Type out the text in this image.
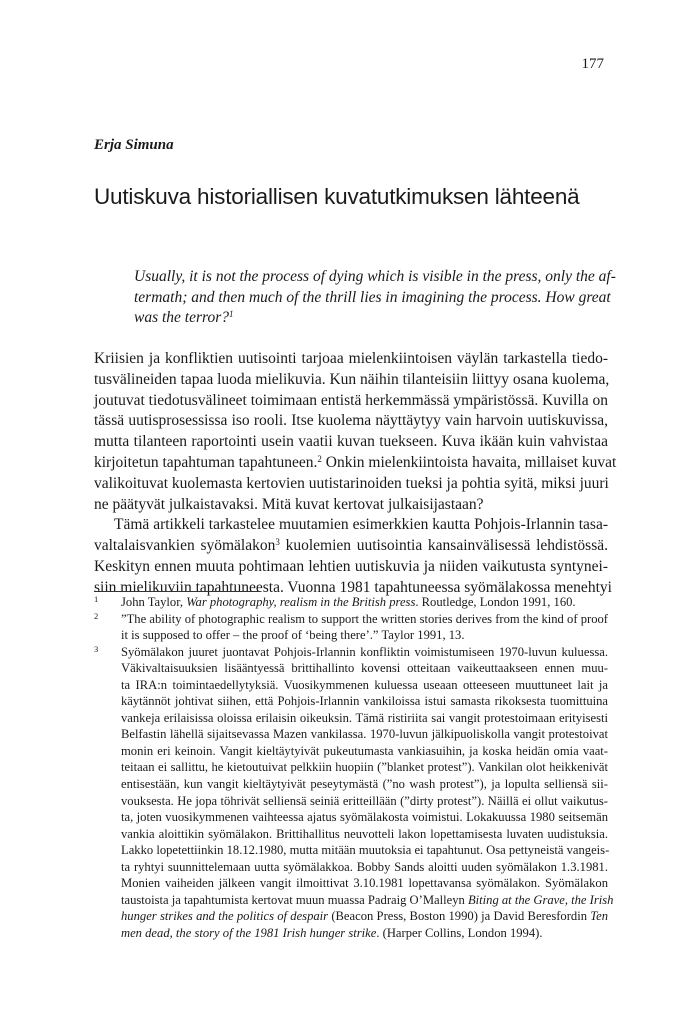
177
Erja Simuna
Uutiskuva historiallisen kuvatutkimuksen lähteenä
Usually, it is not the process of dying which is visible in the press, only the af-
termath; and then much of the thrill lies in imagining the process. How great
was the terror?$^1$
Kriisien ja konfliktien uutisointi tarjoaa mielenkiintoisen väylän tarkastella tiedo-
tusvälineiden tapaa luoda mielikuvia. Kun näihin tilanteisiin liittyy osana kuolema,
joutuvat tiedotusvälineet toimimaan entistä herkemmässä ympäristössä. Kuvilla on
tässä uutisprosessissa iso rooli. Itse kuolema näyttäytyy vain harvoin uutiskuvissa,
mutta tilanteen raportointi usein vaatii kuvan tuekseen. Kuva ikään kuin vahvistaa
kirjoitetun tapahtuman tapahtuneen.$^2$ Onkin mielenkiintoista havaita, millaiset kuvat
valikoituvat kuolemasta kertovien uutistarinoiden tueksi ja pohtia syitä, miksi juuri
ne päätyvät julkaistavaksi. Mitä kuvat kertovat julkaisijastaan?
Tämä artikkeli tarkastelee muutamien esimerkkien kautta Pohjois-Irlannin tasa-
valtalaisvankien syömälakon$^3$ kuolemien uutisointia kansainvälisessä lehdistössä.
Keskityn ennen muuta pohtimaan lehtien uutiskuvia ja niiden vaikutusta syntynei-
siin mielikuviin tapahtuneesta. Vuonna 1981 tapahtuneessa syömälakossa menehtyi
1 John Taylor, War photography, realism in the British press. Routledge, London 1991, 160.
2 ”The ability of photographic realism to support the written stories derives from the kind of proof
it is supposed to offer – the proof of ‘being there’.” Taylor 1991, 13.
3 Syömälakon juuret juontavat Pohjois-Irlannin konfliktin voimistumiseen 1970-luvun kuluessa.
Väkivaltaisuuksien lisääntyessä brittihallinto kovensi otteitaan vaikeuttaakseen ennen muu-
ta IRA:n toimintaedellytyksiä. Vuosikymmenen kuluessa useaan otteeseen muuttuneet lait ja
käytännöt johtivat siihen, että Pohjois-Irlannin vankiloissa istui samasta rikoksesta tuomittuina
vankeja erilaisissa oloissa erilaisin oikeuksin. Tämä ristiriita sai vangit protestoimaan erityisesti
Belfastin lähellä sijaitsevassa Mazen vankilassa. 1970-luvun jälkipuoliskolla vangit protestoivat
monin eri keinoin. Vangit kieltäytyivät pukeutumasta vankiasuihin, ja koska heidän omia vaat-
teitaan ei sallittu, he kietoutuivat pelkkiin huopiin (”blanket protest”). Vankilan olot heikkenivät
entisestään, kun vangit kieltäytyivät peseytymästä (”no wash protest”), ja lopulta selliensä sii-
vouksesta. He jopa töhrivät selliensä seiniä eritteillään (”dirty protest”). Näillä ei ollut vaikutus-
ta, joten vuosikymmenen vaihteessa ajatus syömälakosta voimistui. Lokakuussa 1980 seitsemän
vankia aloittikin syömälakon. Brittihallitus neuvotteli lakon lopettamisesta luvaten uudistuksia.
Lakko lopetettiinkin 18.12.1980, mutta mitään muutoksia ei tapahtunut. Osa pettyneistä vangeis-
ta ryhtyi suunnittelemaan uutta syömälakkoa. Bobby Sands aloitti uuden syömälakon 1.3.1981.
Monien vaiheiden jälkeen vangit ilmoittivat 3.10.1981 lopettavansa syömälakon. Syömälakon
taustoista ja tapahtumista kertovat muun muassa Padraig O’Malleyn Biting at the Grave, the Irish
hunger strikes and the politics of despair (Beacon Press, Boston 1990) ja David Beresfordin Ten
men dead, the story of the 1981 Irish hunger strike. (Harper Collins, London 1994).
